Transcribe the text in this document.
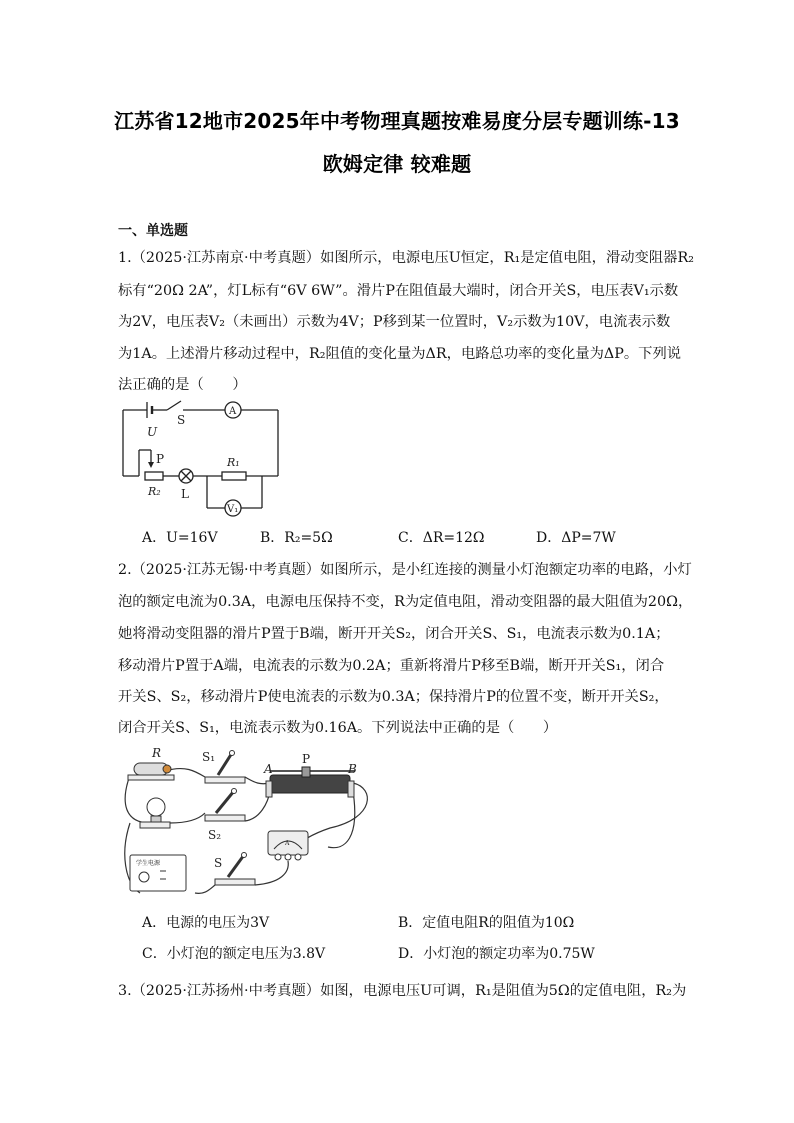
江苏省12地市2025年中考物理真题按难易度分层专题训练-13
欧姆定律 较难题
一、单选题
1.（2025·江苏南京·中考真题）如图所示，电源电压U恒定，R₁是定值电阻，滑动变阻器R₂
标有“20Ω 2A”，灯L标有“6V 6W”。滑片P在阻值最大端时，闭合开关S，电压表V₁示数
为2V，电压表V₂（未画出）示数为4V；P移到某一位置时，V₂示数为10V，电流表示数
为1A。上述滑片移动过程中，R₂阻值的变化量为ΔR，电路总功率的变化量为ΔP。下列说
法正确的是（　　）
U
S
A
P	R₁
R₂ L
V₁
A．U=16V	B．R₂=5Ω	C．ΔR=12Ω	D．ΔP=7W
2.（2025·江苏无锡·中考真题）如图所示，是小红连接的测量小灯泡额定功率的电路，小灯
泡的额定电流为0.3A，电源电压保持不变，R为定值电阻，滑动变阻器的最大阻值为20Ω，
她将滑动变阻器的滑片P置于B端，断开开关S₂，闭合开关S、S₁，电流表示数为0.1A；
移动滑片P置于A端，电流表的示数为0.2A；重新将滑片P移至B端，断开开关S₁，闭合
开关S、S₂，移动滑片P使电流表的示数为0.3A；保持滑片P的位置不变，断开开关S₂，
闭合开关S、S₁，电流表示数为0.16A。下列说法中正确的是（　　）
R	S₁
A
P
B
S₂
S
A
学生电源
A．电源的电压为3V	B．定值电阻R的阻值为10Ω
C．小灯泡的额定电压为3.8V	D．小灯泡的额定功率为0.75W
3.（2025·江苏扬州·中考真题）如图，电源电压U可调，R₁是阻值为5Ω的定值电阻，R₂为
